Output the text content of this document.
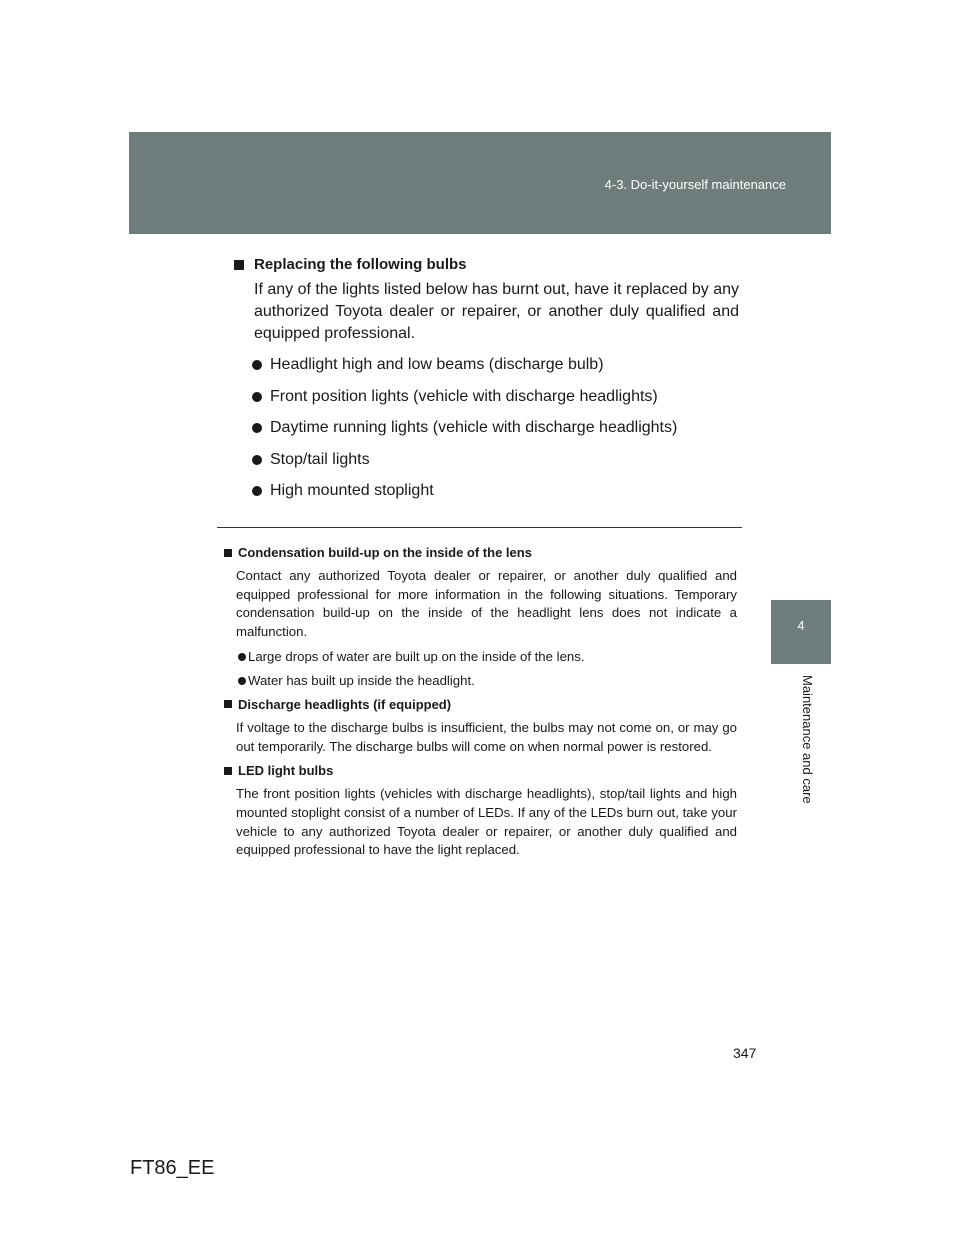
4-3. Do-it-yourself maintenance
4
Maintenance and care
Replacing the following bulbs

If any of the lights listed below has burnt out, have it replaced by any authorized Toyota dealer or repairer, or another duly qualified and equipped professional.

Headlight high and low beams (discharge bulb)
Front position lights (vehicle with discharge headlights)
Daytime running lights (vehicle with discharge headlights)
Stop/tail lights
High mounted stoplight
Condensation build-up on the inside of the lens

Contact any authorized Toyota dealer or repairer, or another duly qualified and equipped professional for more information in the following situations. Temporary condensation build-up on the inside of the headlight lens does not indicate a malfunction.

Large drops of water are built up on the inside of the lens.
Water has built up inside the headlight.
Discharge headlights (if equipped)

If voltage to the discharge bulbs is insufficient, the bulbs may not come on, or may go out temporarily. The discharge bulbs will come on when normal power is restored.

LED light bulbs

The front position lights (vehicles with discharge headlights), stop/tail lights and high mounted stoplight consist of a number of LEDs. If any of the LEDs burn out, take your vehicle to any authorized Toyota dealer or repairer, or another duly qualified and equipped professional to have the light replaced.

347
FT86_EE
